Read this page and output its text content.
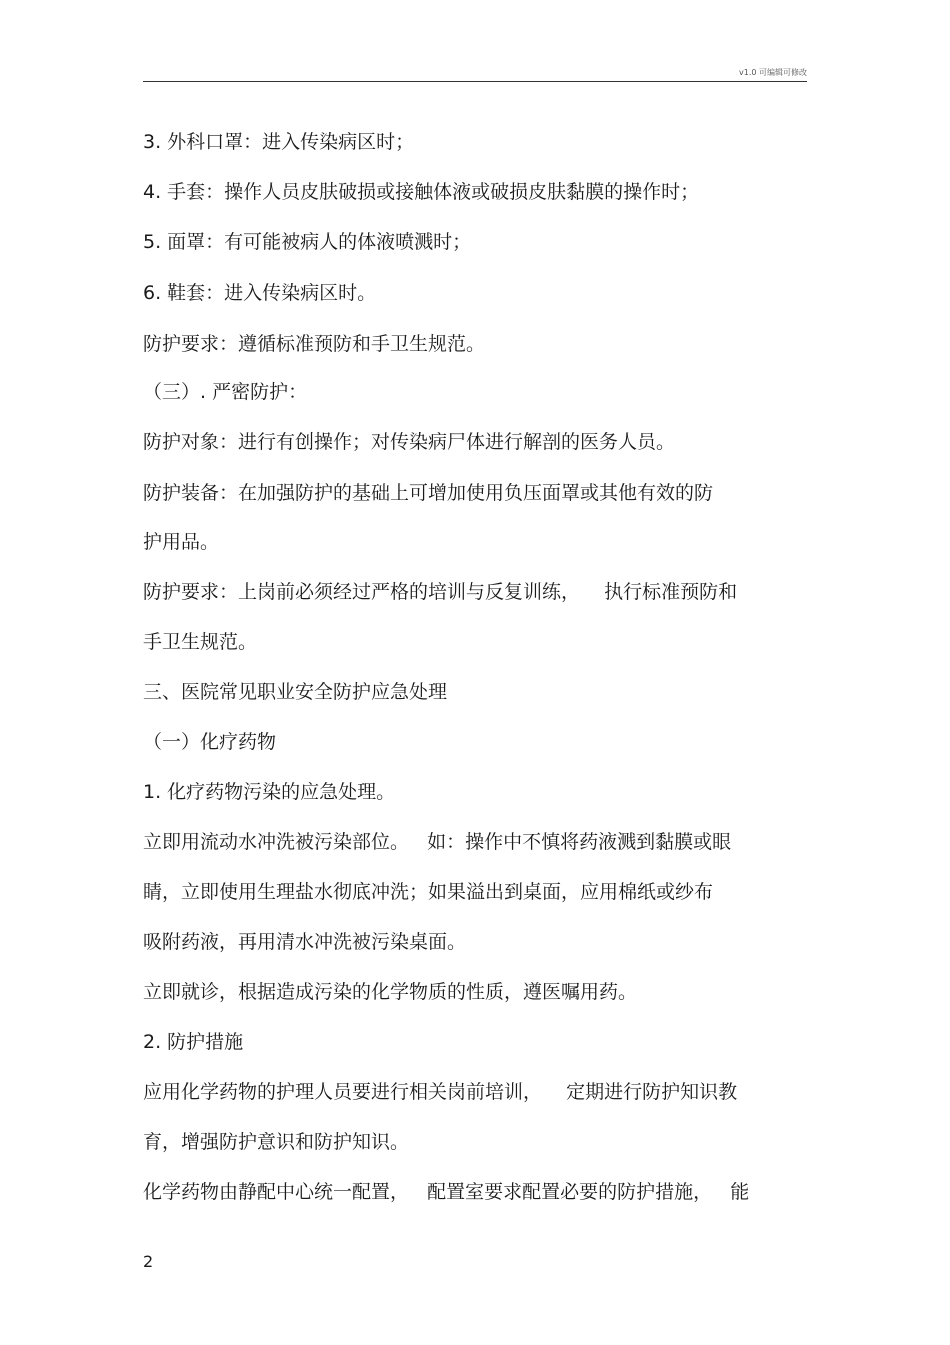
v1.0 可编辑可修改
3. 外科口罩：进入传染病区时；
4. 手套：操作人员皮肤破损或接触体液或破损皮肤黏膜的操作时；
5. 面罩：有可能被病人的体液喷溅时；
6. 鞋套：进入传染病区时。
防护要求：遵循标准预防和手卫生规范。
（三）. 严密防护：
防护对象：进行有创操作；对传染病尸体进行解剖的医务人员。
防护装备：在加强防护的基础上可增加使用负压面罩或其他有效的防
护用品。
防护要求：上岗前必须经过严格的培训与反复训练，    执行标准预防和
手卫生规范。
三、医院常见职业安全防护应急处理
（一）化疗药物
1. 化疗药物污染的应急处理。
立即用流动水冲洗被污染部位。   如：操作中不慎将药液溅到黏膜或眼
睛，立即使用生理盐水彻底冲洗；如果溢出到桌面，应用棉纸或纱布
吸附药液，再用清水冲洗被污染桌面。
立即就诊，根据造成污染的化学物质的性质，遵医嘱用药。
2. 防护措施
应用化学药物的护理人员要进行相关岗前培训，    定期进行防护知识教
育，增强防护意识和防护知识。
化学药物由静配中心统一配置，   配置室要求配置必要的防护措施，   能
2
